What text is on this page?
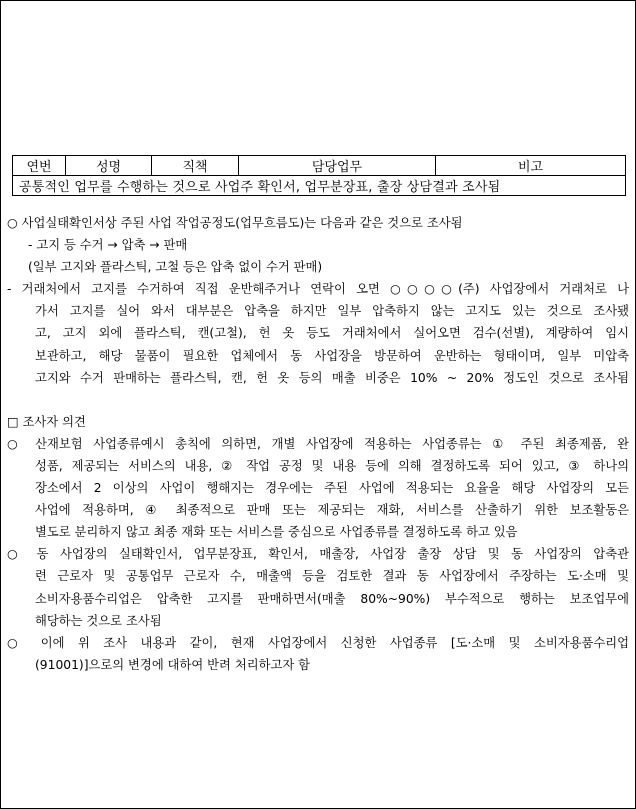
연번	성명	직책	담당업무	비고
공통적인 업무를 수행하는 것으로 사업주 확인서, 업무분장표, 출장 상담결과 조사됨
○ 사업실태확인서상 주된 사업 작업공정도(업무흐름도)는 다음과 같은 것으로 조사됨
- 고지 등 수거 → 압축 → 판매
(일부 고지와 플라스틱, 고철 등은 압축 없이 수거 판매)
- 거래처에서 고지를 수거하여 직접 운반해주거나 연락이 오면 ○○○○(주) 사업장에서 거래처로 나
가서 고지를 실어 와서 대부분은 압축을 하지만 일부 압축하지 않는 고지도 있는 것으로 조사됐
고, 고지 외에 플라스틱, 캔(고철), 헌 옷 등도 거래처에서 실어오면 검수(선별), 계량하여 임시
보관하고, 해당 물품이 필요한 업체에서 동 사업장을 방문하여 운반하는 형태이며, 일부 미압축
고지와 수거 판매하는 플라스틱, 캔, 헌 옷 등의 매출 비중은 10% ~ 20% 정도인 것으로 조사됨
□ 조사자 의견
○ 산재보험 사업종류예시 총칙에 의하면, 개별 사업장에 적용하는 사업종류는 ① 주된 최종제품, 완
성품, 제공되는 서비스의 내용, ② 작업 공정 및 내용 등에 의해 결정하도록 되어 있고, ③ 하나의
장소에서 2 이상의 사업이 행해지는 경우에는 주된 사업에 적용되는 요율을 해당 사업장의 모든
사업에 적용하며, ④ 최종적으로 판매 또는 제공되는 재화, 서비스를 산출하기 위한 보조활동은
별도로 분리하지 않고 최종 재화 또는 서비스를 중심으로 사업종류를 결정하도록 하고 있음
○ 동 사업장의 실태확인서, 업무분장표, 확인서, 매출장, 사업장 출장 상담 및 동 사업장의 압축관
련 근로자 및 공통업무 근로자 수, 매출액 등을 검토한 결과 동 사업장에서 주장하는 도·소매 및
소비자용품수리업은 압축한 고지를 판매하면서(매출 80%~90%) 부수적으로 행하는 보조업무에
해당하는 것으로 조사됨
○ 이에 위 조사 내용과 같이, 현재 사업장에서 신청한 사업종류 [도·소매 및 소비자용품수리업
(91001)]으로의 변경에 대하여 반려 처리하고자 함
